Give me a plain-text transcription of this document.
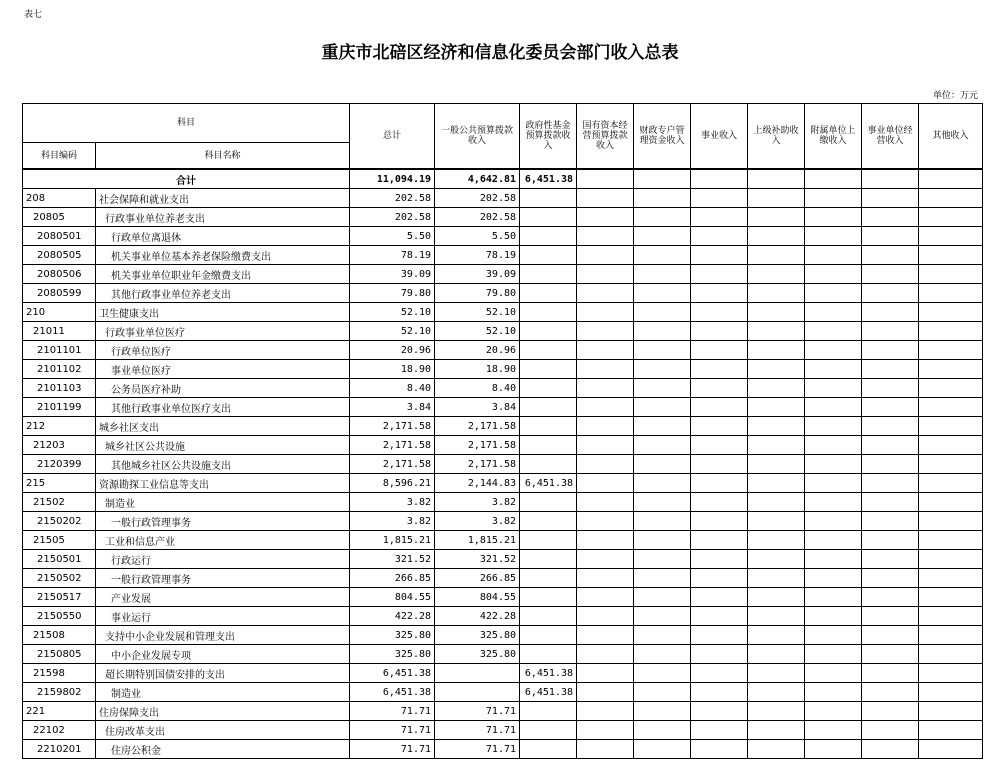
表七
重庆市北碚区经济和信息化委员会部门收入总表
单位：万元
科目		总计	一般公共预算拨款收入	政府性基金预算拨款收入	国有资本经营预算拨款收入	财政专户管理资金收入	事业收入	上级补助收入	附属单位上缴收入	事业单位经营收入	其他收入
科目编码	科目名称										
合计		11,094.19	4,642.81	6,451.38							
208	社会保障和就业支出	202.58	202.58								
20805	行政事业单位养老支出	202.58	202.58								
2080501	行政单位离退休	5.50	5.50								
2080505	机关事业单位基本养老保险缴费支出	78.19	78.19								
2080506	机关事业单位职业年金缴费支出	39.09	39.09								
2080599	其他行政事业单位养老支出	79.80	79.80								
210	卫生健康支出	52.10	52.10								
21011	行政事业单位医疗	52.10	52.10								
2101101	行政单位医疗	20.96	20.96								
2101102	事业单位医疗	18.90	18.90								
2101103	公务员医疗补助	8.40	8.40								
2101199	其他行政事业单位医疗支出	3.84	3.84								
212	城乡社区支出	2,171.58	2,171.58								
21203	城乡社区公共设施	2,171.58	2,171.58								
2120399	其他城乡社区公共设施支出	2,171.58	2,171.58								
215	资源勘探工业信息等支出	8,596.21	2,144.83	6,451.38							
21502	制造业	3.82	3.82								
2150202	一般行政管理事务	3.82	3.82								
21505	工业和信息产业	1,815.21	1,815.21								
2150501	行政运行	321.52	321.52								
2150502	一般行政管理事务	266.85	266.85								
2150517	产业发展	804.55	804.55								
2150550	事业运行	422.28	422.28								
21508	支持中小企业发展和管理支出	325.80	325.80								
2150805	中小企业发展专项	325.80	325.80								
21598	超长期特别国债安排的支出	6,451.38		6,451.38							
2159802	制造业	6,451.38		6,451.38							
221	住房保障支出	71.71	71.71								
22102	住房改革支出	71.71	71.71								
2210201	住房公积金	71.71	71.71								
